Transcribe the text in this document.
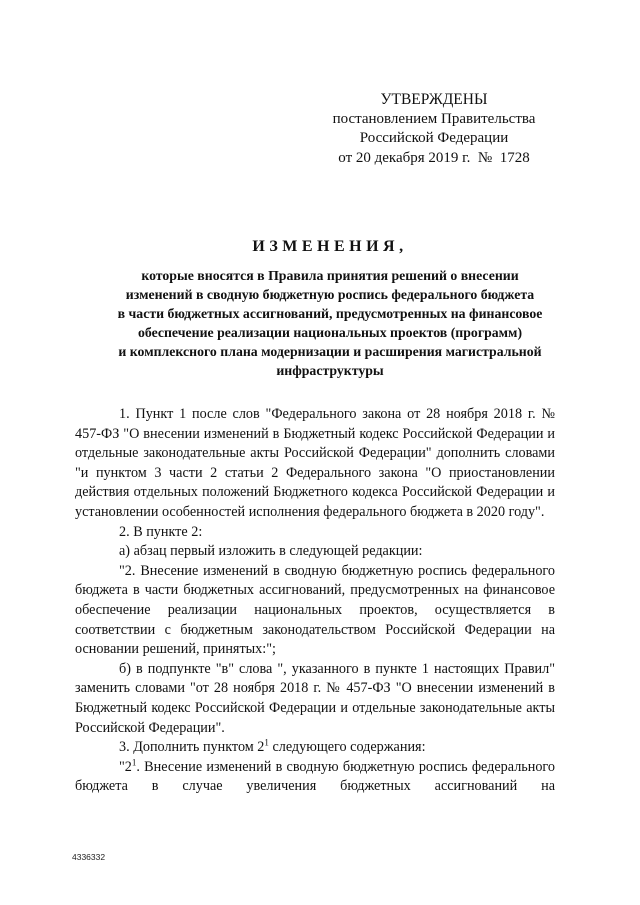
УТВЕРЖДЕНЫ
постановлением Правительства
Российской Федерации
от 20 декабря 2019 г.  №  1728
ИЗМЕНЕНИЯ,
которые вносятся в Правила принятия решений о внесении
изменений в сводную бюджетную роспись федерального бюджета
в части бюджетных ассигнований, предусмотренных на финансовое
обеспечение реализации национальных проектов (программ)
и комплексного плана модернизации и расширения магистральной
инфраструктуры

1. Пункт 1 после слов "Федерального закона от 28 ноября 2018 г. № 457-ФЗ "О внесении изменений в Бюджетный кодекс Российской Федерации и отдельные законодательные акты Российской Федерации" дополнить словами "и пунктом 3 части 2 статьи 2 Федерального закона "О приостановлении действия отдельных положений Бюджетного кодекса Российской Федерации и установлении особенностей исполнения федерального бюджета в 2020 году".

2. В пункте 2:

а) абзац первый изложить в следующей редакции:

"2. Внесение изменений в сводную бюджетную роспись федерального бюджета в части бюджетных ассигнований, предусмотренных на финансовое обеспечение реализации национальных проектов, осуществляется в соответствии с бюджетным законодательством Российской Федерации на основании решений, принятых:";

б) в подпункте "в" слова ", указанного в пункте 1 настоящих Правил" заменить словами "от 28 ноября 2018 г. № 457-ФЗ "О внесении изменений в Бюджетный кодекс Российской Федерации и отдельные законодательные акты Российской Федерации".

3. Дополнить пунктом $2^1$ следующего содержания:

"$2^1$. Внесение изменений в сводную бюджетную роспись федерального бюджета в случае увеличения бюджетных ассигнований на

4336332
